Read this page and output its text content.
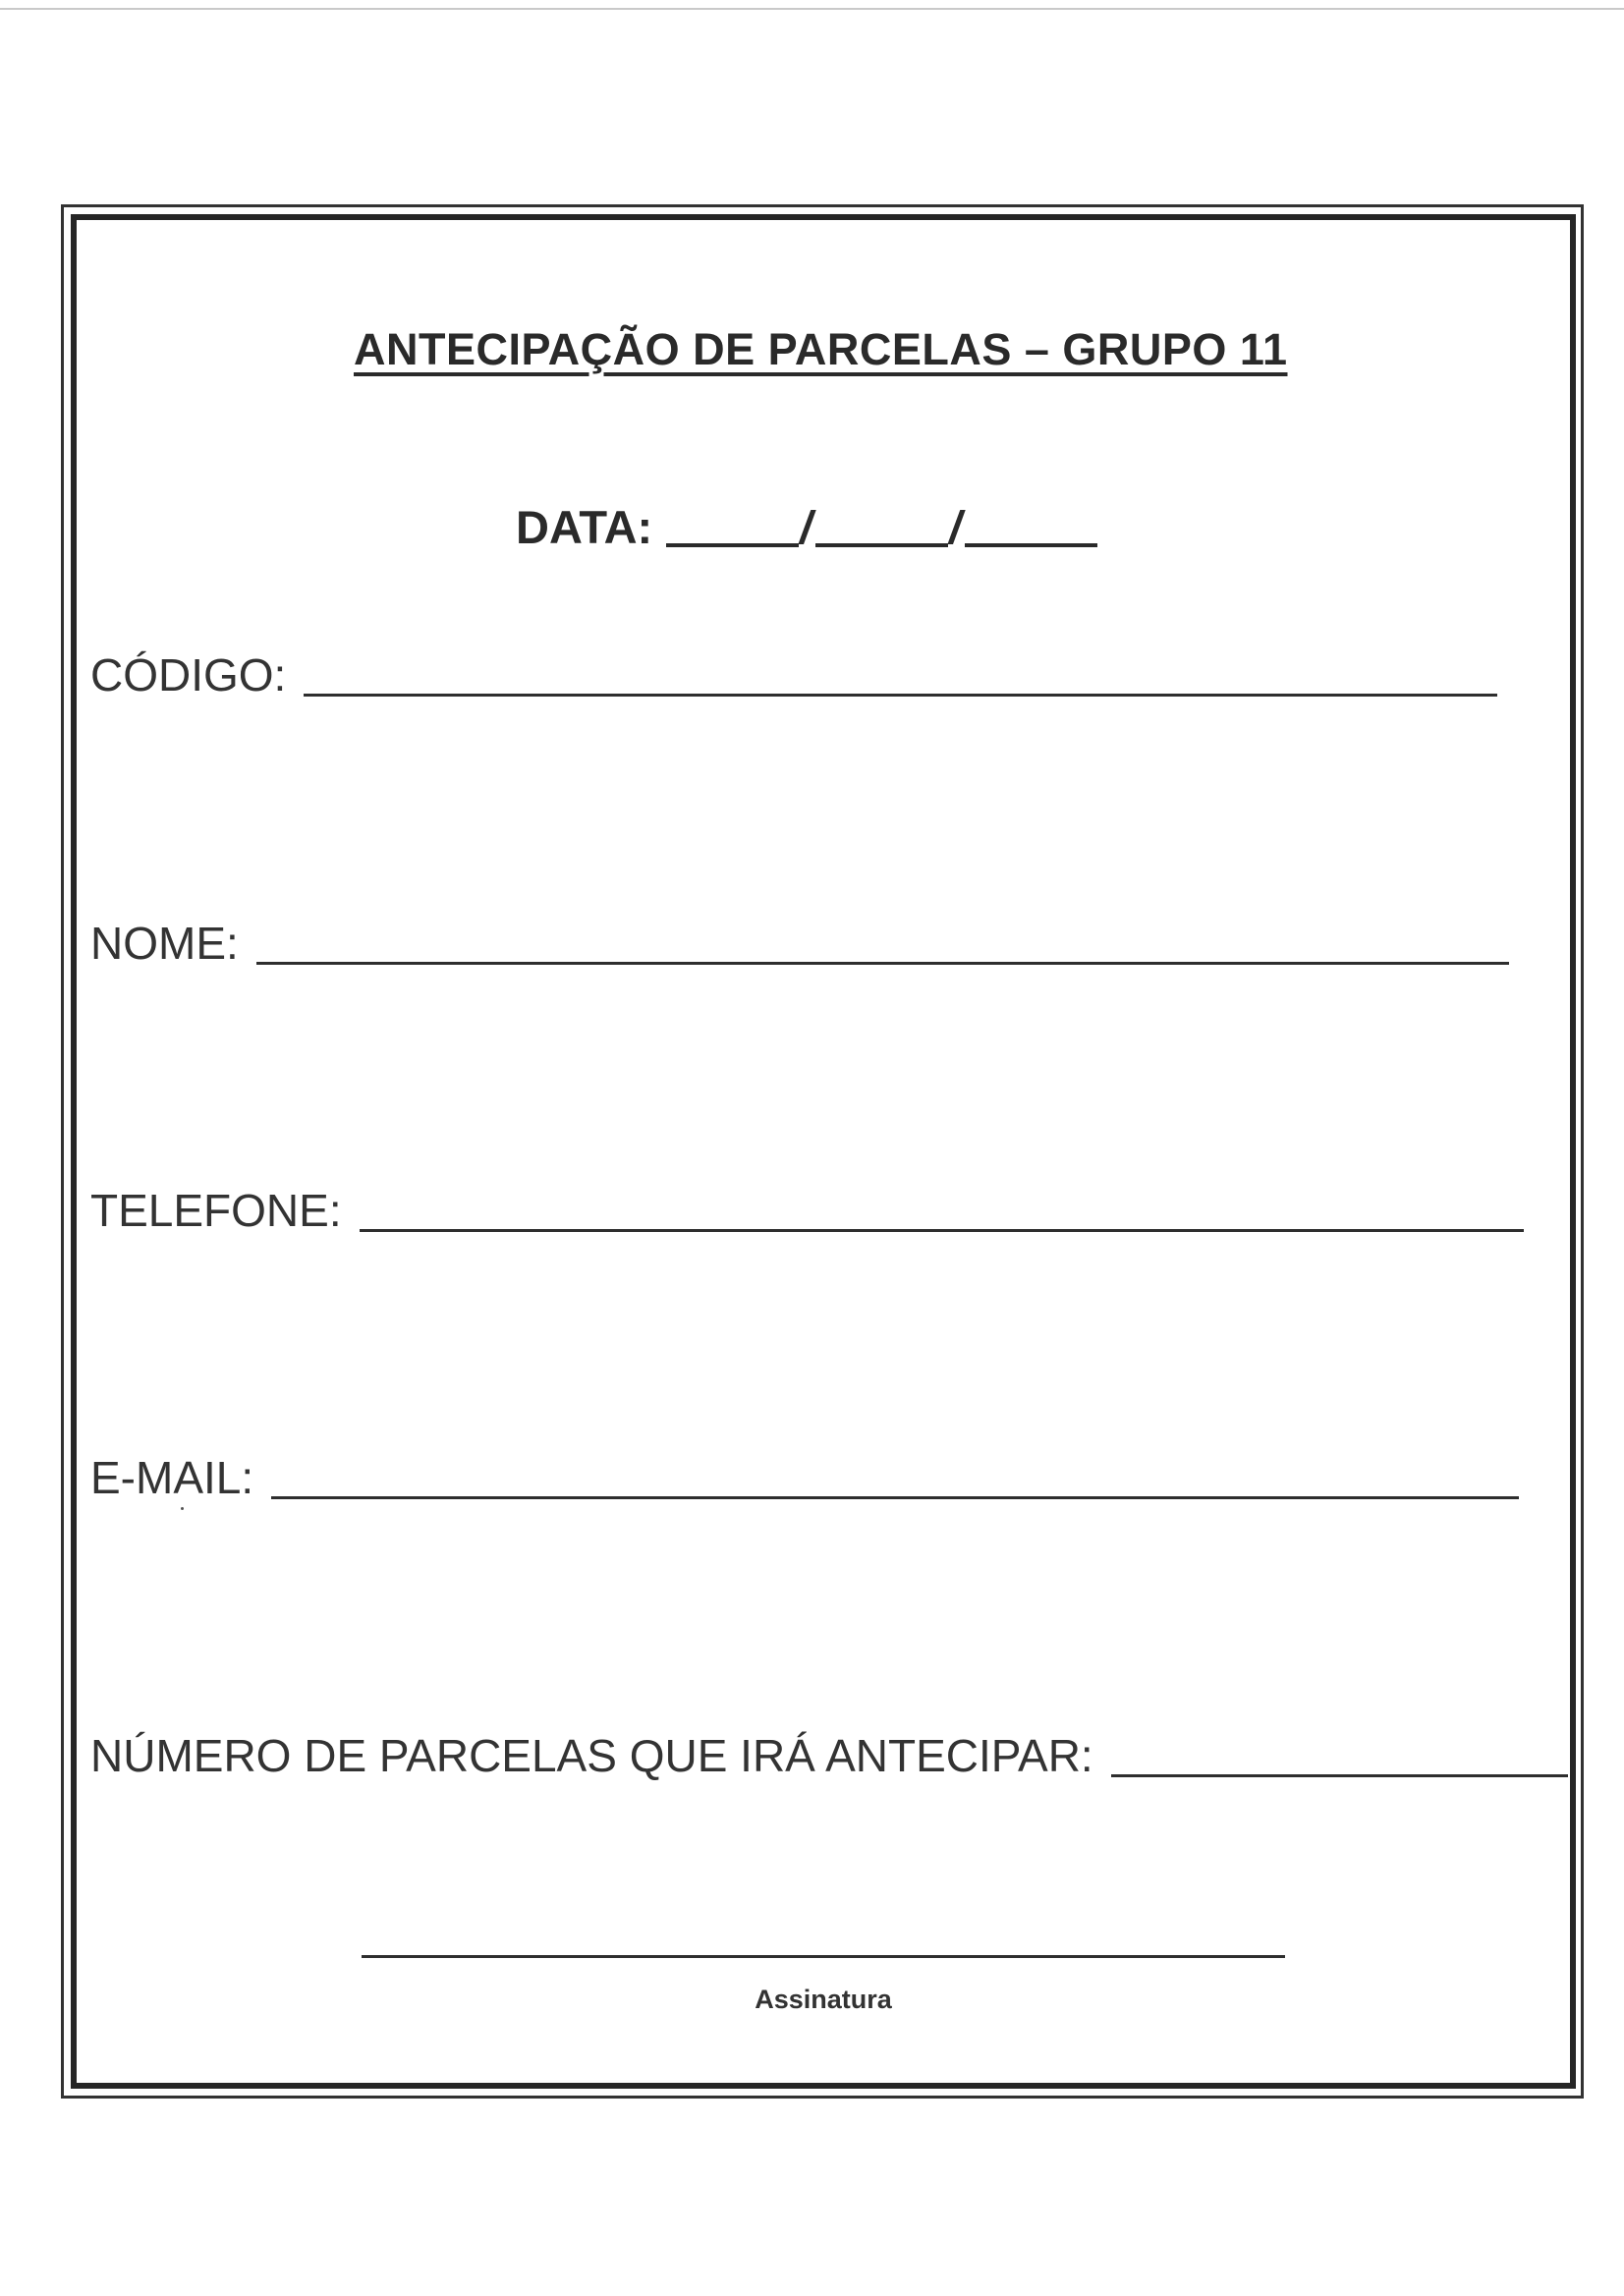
ANTECIPAÇÃO DE PARCELAS – GRUPO 11
DATA:	/	/
CÓDIGO:
NOME:
TELEFONE:
E-MAIL:
NÚMERO DE PARCELAS QUE IRÁ ANTECIPAR:
Assinatura
